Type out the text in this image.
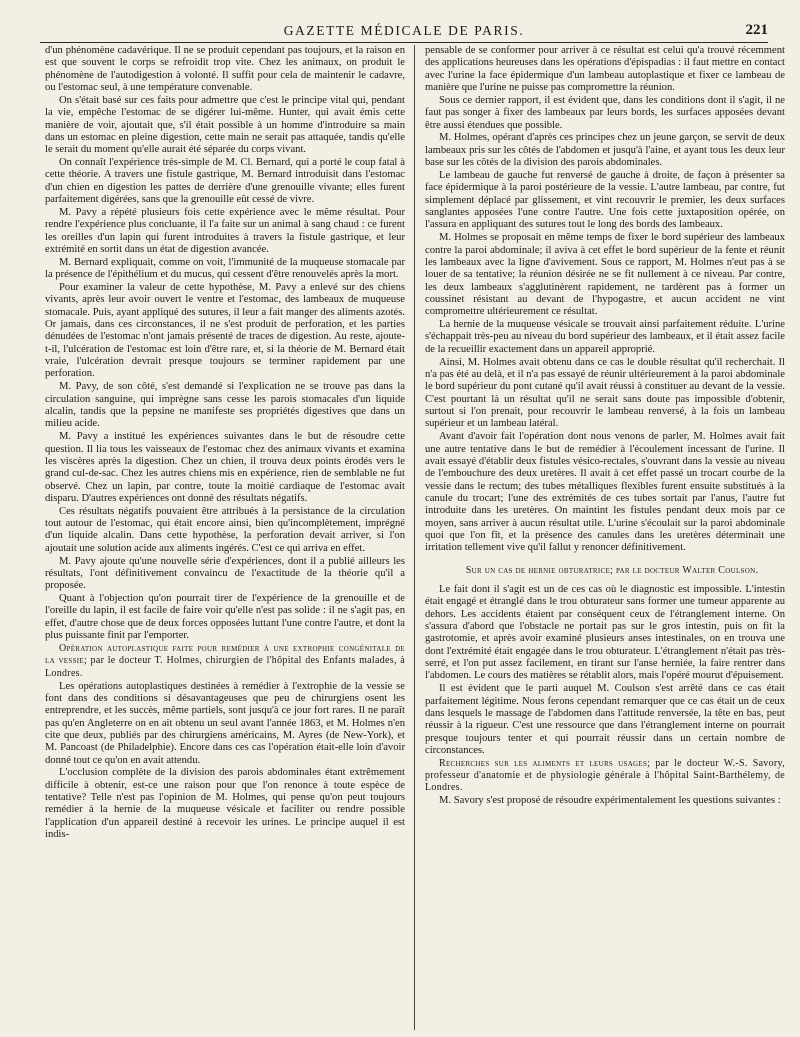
GAZETTE MÉDICALE DE PARIS.	221

d'un phénomène cadavérique. Il ne se produit cependant pas toujours, et la raison en est que souvent le corps se refroidit trop vite. Chez les animaux, on produit le phénomène de l'autodigestion à volonté. Il suffit pour cela de maintenir le cadavre, ou l'estomac seul, à une température convenable.

On s'était basé sur ces faits pour admettre que c'est le principe vital qui, pendant la vie, empêche l'estomac de se digérer lui-même. Hunter, qui avait émis cette manière de voir, ajoutait que, s'il était possible à un homme d'introduire sa main dans un estomac en pleine digestion, cette main ne serait pas attaquée, tandis qu'elle le serait du moment qu'elle aurait été séparée du corps vivant.

On connaît l'expérience très-simple de M. Cl. Bernard, qui a porté le coup fatal à cette théorie. A travers une fistule gastrique, M. Bernard introduisit dans l'estomac d'un chien en digestion les pattes de derrière d'une grenouille vivante; elles furent parfaitement digérées, sans que la grenouille eût cessé de vivre.

M. Pavy a répété plusieurs fois cette expérience avec le même résultat. Pour rendre l'expérience plus concluante, il l'a faite sur un animal à sang chaud : ce furent les oreilles d'un lapin qui furent introduites à travers la fistule gastrique, et leur extrémité en sortit dans un état de digestion avancée.

M. Bernard expliquait, comme on voit, l'immunité de la muqueuse stomacale par la présence de l'épithélium et du mucus, qui cessent d'être renouvelés après la mort.

Pour examiner la valeur de cette hypothèse, M. Pavy a enlevé sur des chiens vivants, après leur avoir ouvert le ventre et l'estomac, des lambeaux de muqueuse stomacale. Puis, ayant appliqué des sutures, il leur a fait manger des aliments azotés. Or jamais, dans ces circonstances, il ne s'est produit de perforation, et les parties dénudées de l'estomac n'ont jamais présenté de traces de digestion. Au reste, ajoute-t-il, l'ulcération de l'estomac est loin d'être rare, et, si la théorie de M. Bernard était vraie, l'ulcération devrait presque toujours se terminer rapidement par une perforation.

M. Pavy, de son côté, s'est demandé si l'explication ne se trouve pas dans la circulation sanguine, qui imprègne sans cesse les parois stomacales d'un liquide alcalin, tandis que la pepsine ne manifeste ses propriétés digestives que dans un milieu acide.

M. Pavy a institué les expériences suivantes dans le but de résoudre cette question. Il lia tous les vaisseaux de l'estomac chez des animaux vivants et examina les viscères après la digestion. Chez un chien, il trouva deux points érodés vers le grand cul-de-sac. Chez les autres chiens mis en expérience, rien de semblable ne fut observé. Chez un lapin, par contre, toute la moitié cardiaque de l'estomac avait disparu. D'autres expériences ont donné des résultats négatifs.

Ces résultats négatifs pouvaient être attribués à la persistance de la circulation tout autour de l'estomac, qui était encore ainsi, bien qu'incomplètement, imprégné d'un liquide alcalin. Dans cette hypothèse, la perforation devait arriver, si l'on ajoutait une solution acide aux aliments ingérés. C'est ce qui arriva en effet.

M. Pavy ajoute qu'une nouvelle série d'expériences, dont il a publié ailleurs les résultats, l'ont définitivement convaincu de l'exactitude de la théorie qu'il a proposée.

Quant à l'objection qu'on pourrait tirer de l'expérience de la grenouille et de l'oreille du lapin, il est facile de faire voir qu'elle n'est pas solide : il ne s'agit pas, en effet, d'autre chose que de deux forces opposées luttant l'une contre l'autre, et dont la plus puissante finit par l'emporter.

Opération autoplastique faite pour remédier à une extrophie congénitale de la vessie; par le docteur T. Holmes, chirurgien de l'hôpital des Enfants malades, à Londres.

Les opérations autoplastiques destinées à remédier à l'extrophie de la vessie se font dans des conditions si désavantageuses que peu de chirurgiens osent les entreprendre, et les succès, même partiels, sont jusqu'à ce jour fort rares. Il ne paraît pas qu'en Angleterre on en ait obtenu un seul avant l'année 1863, et M. Holmes n'en cite que deux, publiés par des chirurgiens américains, M. Ayres (de New-York), et M. Pancoast (de Philadelphie). Encore dans ces cas l'opération était-elle loin d'avoir donné tout ce qu'on en avait attendu.

L'occlusion complète de la division des parois abdominales étant extrêmement difficile à obtenir, est-ce une raison pour que l'on renonce à toute espèce de tentative? Telle n'est pas l'opinion de M. Holmes, qui pense qu'on peut toujours remédier à la hernie de la muqueuse vésicale et faciliter ou rendre possible l'application d'un appareil destiné à recevoir les urines. Le principe auquel il est indis-

pensable de se conformer pour arriver à ce résultat est celui qu'a trouvé récemment des applications heureuses dans les opérations d'épispadias : il faut mettre en contact avec l'urine la face épidermique d'un lambeau autoplastique et fixer ce lambeau de manière que l'urine ne puisse pas compromettre la réunion.

Sous ce dernier rapport, il est évident que, dans les conditions dont il s'agit, il ne faut pas songer à fixer des lambeaux par leurs bords, les surfaces apposées devant être aussi étendues que possible.

M. Holmes, opérant d'après ces principes chez un jeune garçon, se servit de deux lambeaux pris sur les côtés de l'abdomen et jusqu'à l'aine, et ayant tous les deux leur base sur les côtés de la division des parois abdominales.

Le lambeau de gauche fut renversé de gauche à droite, de façon à présenter sa face épidermique à la paroi postérieure de la vessie. L'autre lambeau, par contre, fut simplement déplacé par glissement, et vint recouvrir le premier, les deux surfaces sanglantes apposées l'une contre l'autre. Une fois cette juxtaposition opérée, on l'assura en appliquant des sutures tout le long des bords des lambeaux.

M. Holmes se proposait en même temps de fixer le bord supérieur des lambeaux contre la paroi abdominale; il aviva à cet effet le bord supérieur de la fente et réunit les lambeaux avec la ligne d'avivement. Sous ce rapport, M. Holmes n'eut pas à se louer de sa tentative; la réunion désirée ne se fit nullement à ce niveau. Par contre, les deux lambeaux s'agglutinèrent rapidement, ne tardèrent pas à former un coussinet résistant au devant de l'hypogastre, et aucun accident ne vint compromettre ultérieurement ce résultat.

La hernie de la muqueuse vésicale se trouvait ainsi parfaitement réduite. L'urine s'échappait très-peu au niveau du bord supérieur des lambeaux, et il était assez facile de la recueillir exactement dans un appareil approprié.

Ainsi, M. Holmes avait obtenu dans ce cas le double résultat qu'il recherchait. Il n'a pas été au delà, et il n'a pas essayé de réunir ultérieurement à la paroi abdominale le bord supérieur du pont cutané qu'il avait réussi à constituer au devant de la vessie. C'est pourtant là un résultat qu'il ne serait sans doute pas impossible d'obtenir, surtout si l'on prenait, pour recouvrir le lambeau renversé, à la fois un lambeau supérieur et un lambeau latéral.

Avant d'avoir fait l'opération dont nous venons de parler, M. Holmes avait fait une autre tentative dans le but de remédier à l'écoulement incessant de l'urine. Il avait essayé d'établir deux fistules vésico-rectales, s'ouvrant dans la vessie au niveau de l'embouchure des deux uretères. Il avait à cet effet passé un trocart courbe de la vessie dans le rectum; des tubes métalliques flexibles furent ensuite substitués à la canule du trocart; l'une des extrémités de ces tubes sortait par l'anus, l'autre fut introduite dans les uretères. On maintint les fistules pendant deux mois par ce moyen, sans arriver à aucun résultat utile. L'urine s'écoulait sur la paroi abdominale quoi que l'on fît, et la présence des canules dans les uretères déterminait une irritation tellement vive qu'il fallut y renoncer définitivement.

Sur un cas de hernie obturatrice; par le docteur Walter Coulson.

Le fait dont il s'agit est un de ces cas où le diagnostic est impossible. L'intestin était engagé et étranglé dans le trou obturateur sans former une tumeur apparente au dehors. Les accidents étaient par conséquent ceux de l'étranglement interne. On s'assura d'abord que l'obstacle ne portait pas sur le gros intestin, puis on fit la gastrotomie, et après avoir examiné plusieurs anses intestinales, on en trouva une dont l'extrémité était engagée dans le trou obturateur. L'étranglement n'était pas très-serré, et l'on put assez facilement, en tirant sur l'anse herniée, la faire rentrer dans l'abdomen. Le cours des matières se rétablit alors, mais l'opéré mourut d'épuisement.

Il est évident que le parti auquel M. Coulson s'est arrêté dans ce cas était parfaitement légitime. Nous ferons cependant remarquer que ce cas était un de ceux dans lesquels le massage de l'abdomen dans l'attitude renversée, la tête en bas, peut réussir à la rigueur. C'est une ressource que dans l'étranglement interne on pourrait presque toujours tenter et qui pourrait réussir dans un certain nombre de circonstances.

Recherches sur les aliments et leurs usages; par le docteur W.-S. Savory, professeur d'anatomie et de physiologie générale à l'hôpital Saint-Barthélemy, de Londres.

M. Savory s'est proposé de résoudre expérimentalement les questions suivantes :
